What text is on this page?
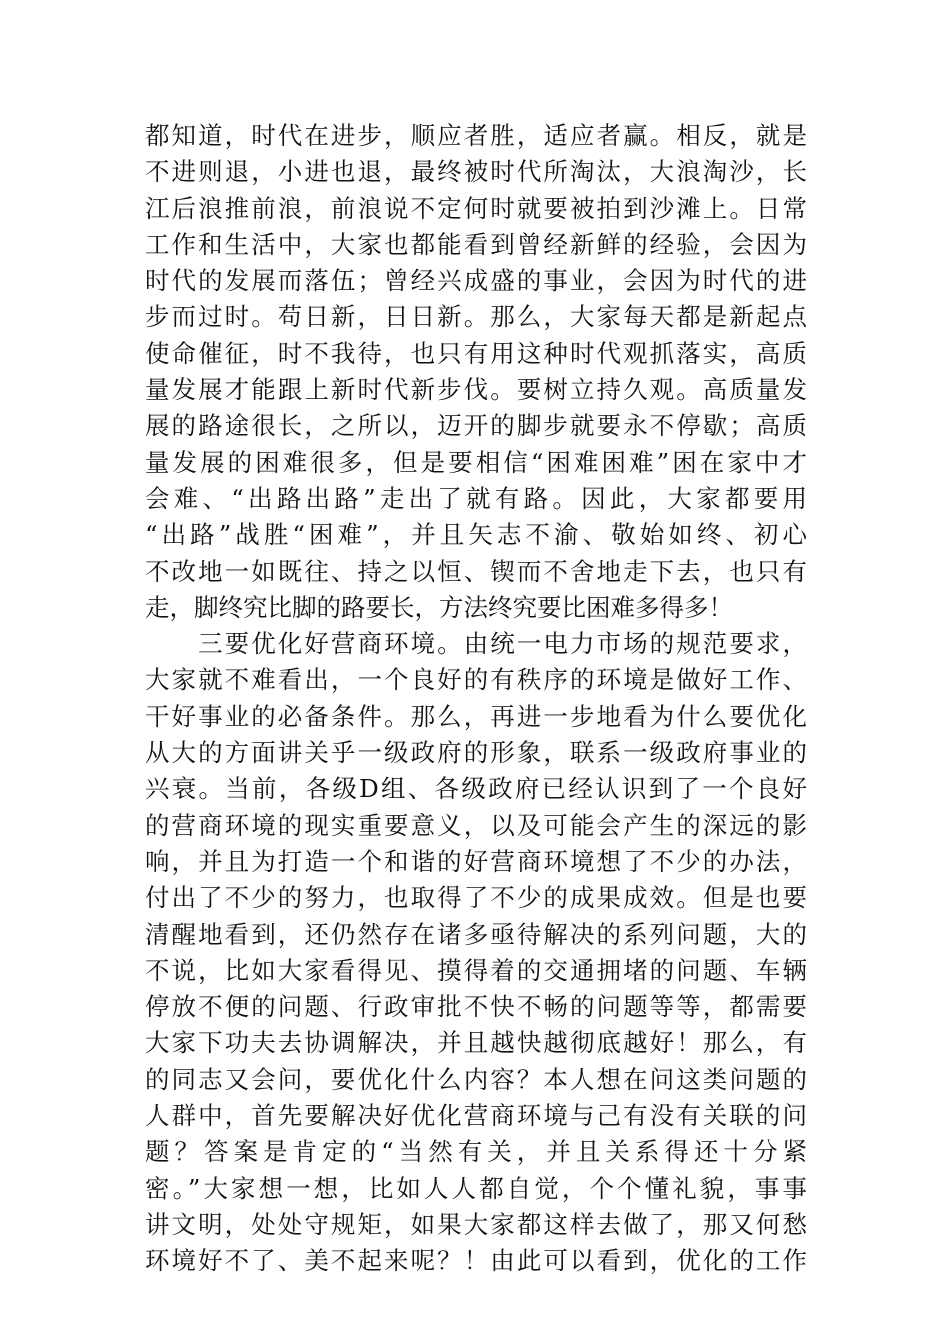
都知道，时代在进步，顺应者胜，适应者赢。相反，就是
不进则退，小进也退，最终被时代所淘汰，大浪淘沙，长
江后浪推前浪，前浪说不定何时就要被拍到沙滩上。日常
工作和生活中，大家也都能看到曾经新鲜的经验，会因为
时代的发展而落伍；曾经兴成盛的事业，会因为时代的进
步而过时。苟日新，日日新。那么，大家每天都是新起点
使命催征，时不我待，也只有用这种时代观抓落实，高质
量发展才能跟上新时代新步伐。要树立持久观。高质量发
展的路途很长，之所以，迈开的脚步就要永不停歇；高质
量发展的困难很多，但是要相信“困难困难”困在家中才
会难、“出路出路”走出了就有路。因此，大家都要用
“出路”战胜“困难”，并且矢志不渝、敬始如终、初心
不改地一如既往、持之以恒、锲而不舍地走下去，也只有
走，脚终究比脚的路要长，方法终究要比困难多得多！
　　三要优化好营商环境。由统一电力市场的规范要求，
大家就不难看出，一个良好的有秩序的环境是做好工作、
干好事业的必备条件。那么，再进一步地看为什么要优化
从大的方面讲关乎一级政府的形象，联系一级政府事业的
兴衰。当前，各级D组、各级政府已经认识到了一个良好
的营商环境的现实重要意义，以及可能会产生的深远的影
响，并且为打造一个和谐的好营商环境想了不少的办法，
付出了不少的努力，也取得了不少的成果成效。但是也要
清醒地看到，还仍然存在诸多亟待解决的系列问题，大的
不说，比如大家看得见、摸得着的交通拥堵的问题、车辆
停放不便的问题、行政审批不快不畅的问题等等，都需要
大家下功夫去协调解决，并且越快越彻底越好！那么，有
的同志又会问，要优化什么内容？本人想在问这类问题的
人群中，首先要解决好优化营商环境与己有没有关联的问
题？答案是肯定的“当然有关，并且关系得还十分紧
密。”大家想一想，比如人人都自觉，个个懂礼貌，事事
讲文明，处处守规矩，如果大家都这样去做了，那又何愁
环境好不了、美不起来呢？！由此可以看到，优化的工作
